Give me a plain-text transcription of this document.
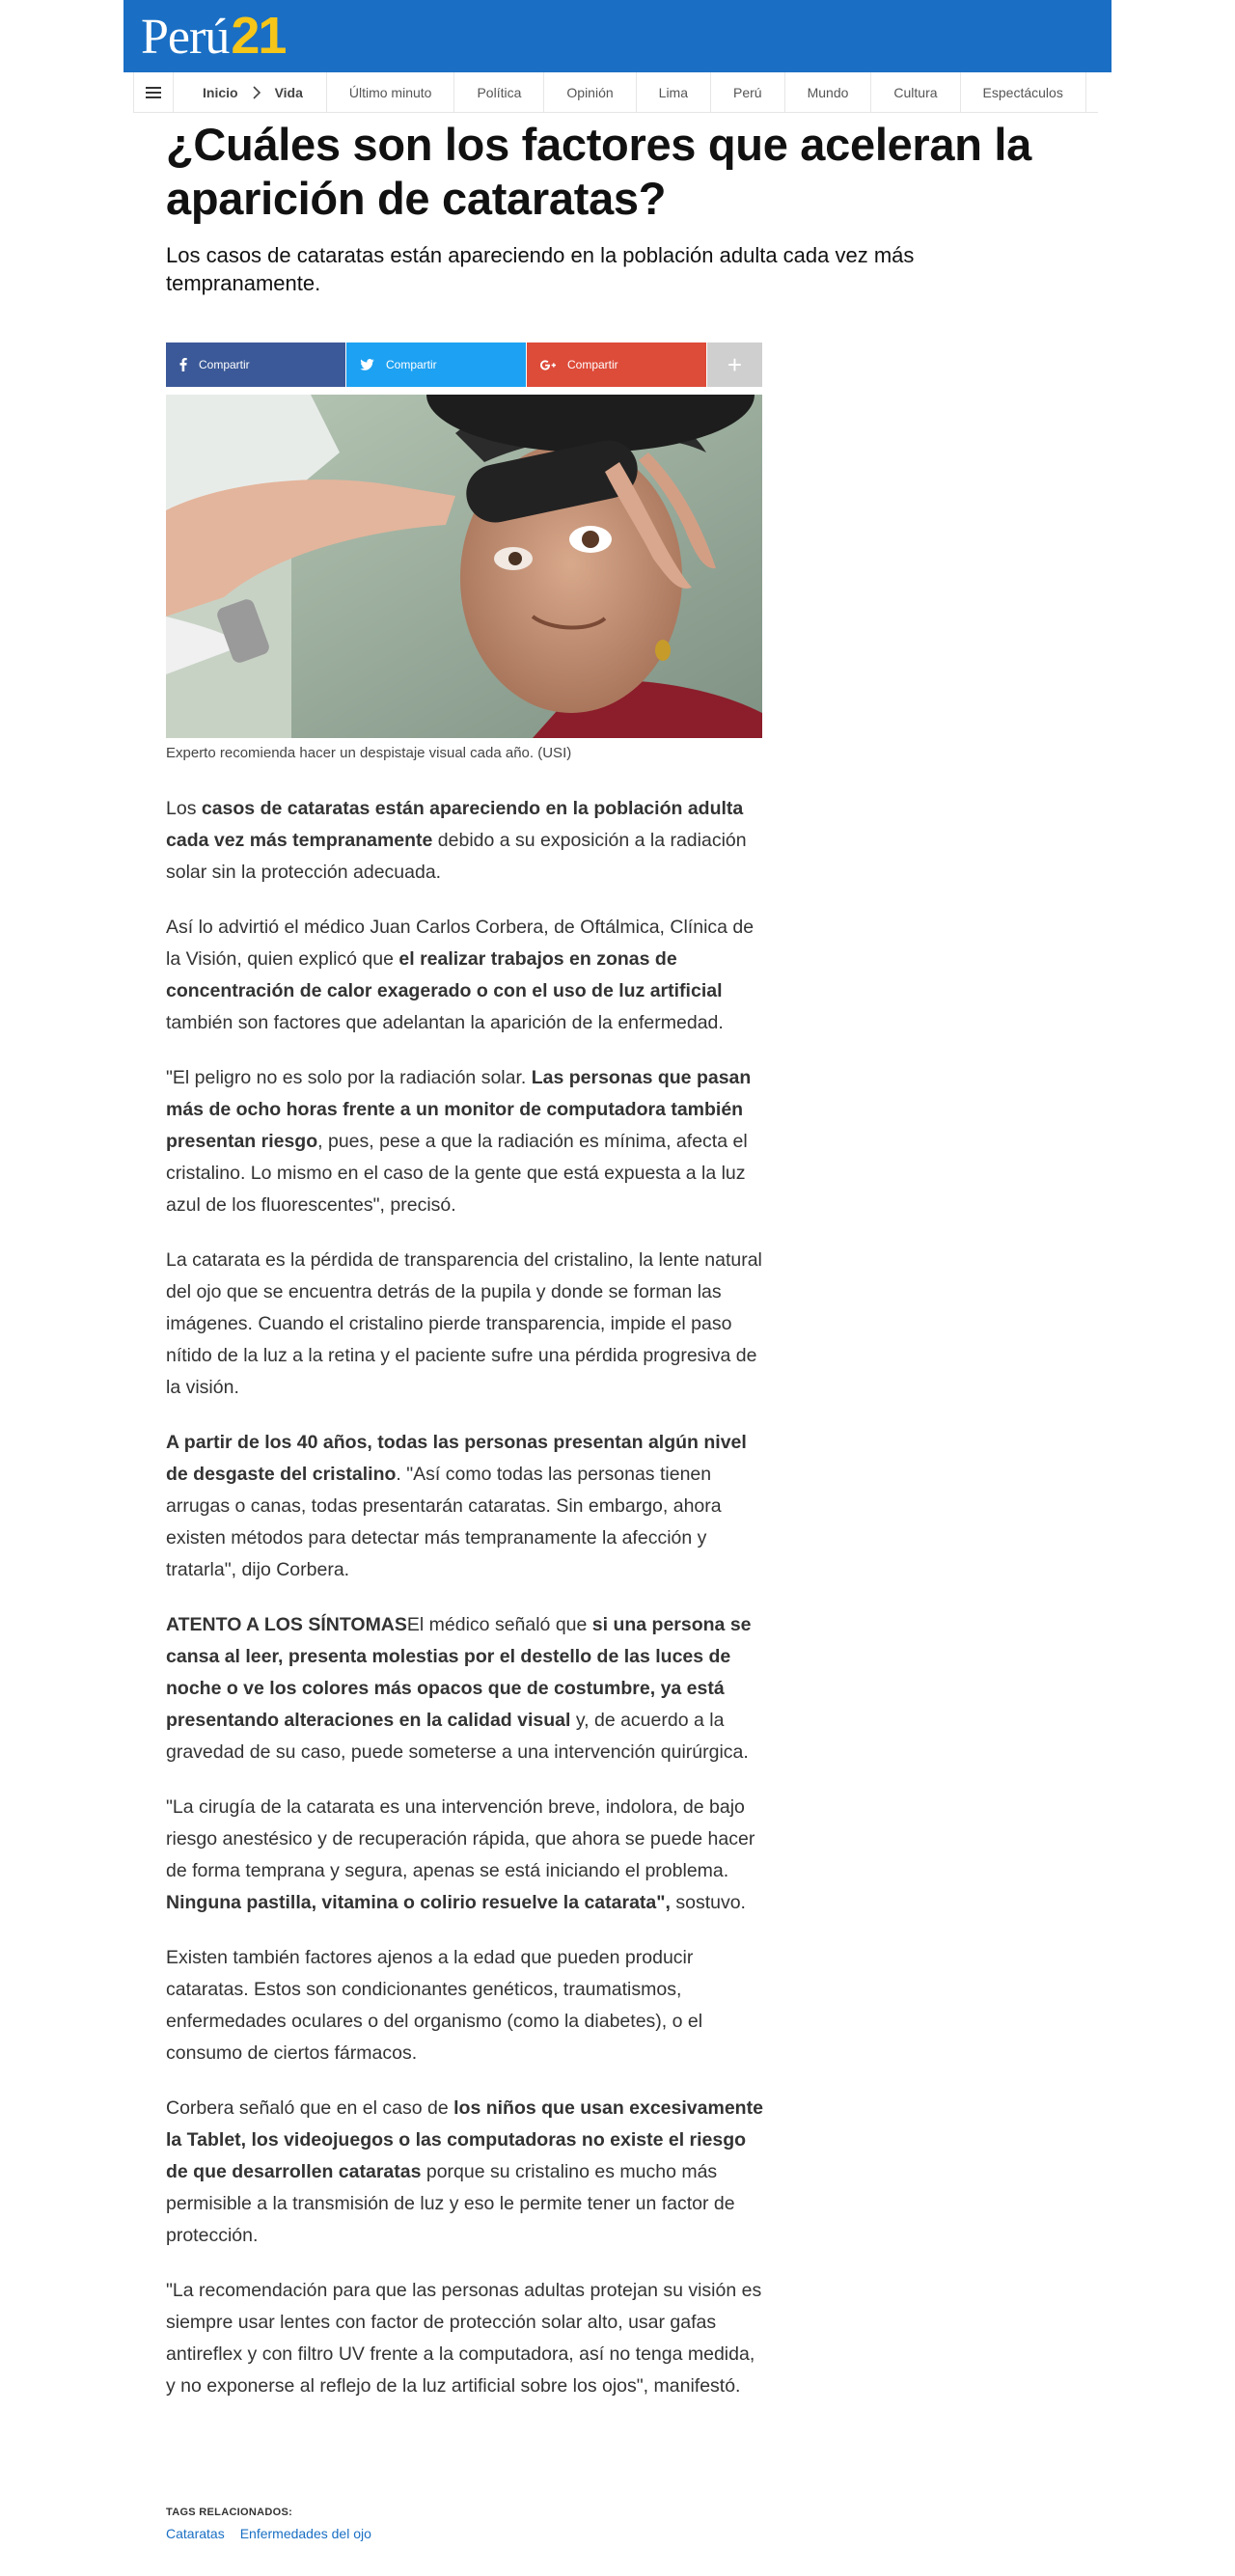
Perú 21
Inicio	Vida	Último minuto	Política	Opinión	Lima	Perú	Mundo	Cultura	Espectáculos
¿Cuáles son los factores que aceleran la aparición de cataratas?
Los casos de cataratas están apareciendo en la población adulta cada vez más tempranamente.
Compartir	Compartir	Compartir	+
Experto recomienda hacer un despistaje visual cada año. (USI)

Los casos de cataratas están apareciendo en la población adulta cada vez más tempranamente debido a su exposición a la radiación solar sin la protección adecuada.

Así lo advirtió el médico Juan Carlos Corbera, de Oftálmica, Clínica de la Visión, quien explicó que el realizar trabajos en zonas de concentración de calor exagerado o con el uso de luz artificial también son factores que adelantan la aparición de la enfermedad.

"El peligro no es solo por la radiación solar. Las personas que pasan más de ocho horas frente a un monitor de computadora también presentan riesgo, pues, pese a que la radiación es mínima, afecta el cristalino. Lo mismo en el caso de la gente que está expuesta a la luz azul de los fluorescentes", precisó.

La catarata es la pérdida de transparencia del cristalino, la lente natural del ojo que se encuentra detrás de la pupila y donde se forman las imágenes. Cuando el cristalino pierde transparencia, impide el paso nítido de la luz a la retina y el paciente sufre una pérdida progresiva de la visión.

A partir de los 40 años, todas las personas presentan algún nivel de desgaste del cristalino. "Así como todas las personas tienen arrugas o canas, todas presentarán cataratas. Sin embargo, ahora existen métodos para detectar más tempranamente la afección y tratarla", dijo Corbera.

ATENTO A LOS SÍNTOMASEl médico señaló que si una persona se cansa al leer, presenta molestias por el destello de las luces de noche o ve los colores más opacos que de costumbre, ya está presentando alteraciones en la calidad visual y, de acuerdo a la gravedad de su caso, puede someterse a una intervención quirúrgica.

"La cirugía de la catarata es una intervención breve, indolora, de bajo riesgo anestésico y de recuperación rápida, que ahora se puede hacer de forma temprana y segura, apenas se está iniciando el problema. Ninguna pastilla, vitamina o colirio resuelve la catarata", sostuvo.

Existen también factores ajenos a la edad que pueden producir cataratas. Estos son condicionantes genéticos, traumatismos, enfermedades oculares o del organismo (como la diabetes), o el consumo de ciertos fármacos.

Corbera señaló que en el caso de los niños que usan excesivamente la Tablet, los videojuegos o las computadoras no existe el riesgo de que desarrollen cataratas porque su cristalino es mucho más permisible a la transmisión de luz y eso le permite tener un factor de protección.

"La recomendación para que las personas adultas protejan su visión es siempre usar lentes con factor de protección solar alto, usar gafas antireflex y con filtro UV frente a la computadora, así no tenga medida, y no exponerse al reflejo de la luz artificial sobre los ojos", manifestó.

TAGS RELACIONADOS:
Cataratas Enfermedades del ojo
